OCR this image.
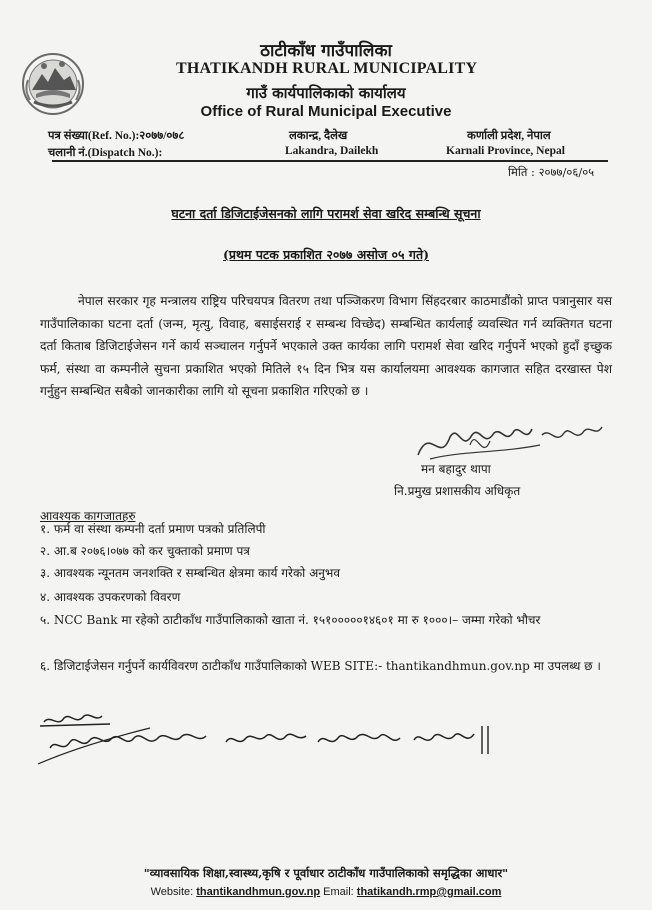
ठाटीकाँध गाउँपालिका
THATIKANDH RURAL MUNICIPALITY
गाउँ कार्यपालिकाको कार्यालय
Office of Rural Municipal Executive
पत्र संख्या(Ref. No.):२०७७/०७८
चलानी नं.(Dispatch No.):
लकान्द्र, दैलेख
Lakandra, Dailekh
कर्णाली प्रदेश, नेपाल
Karnali Province, Nepal
मिति : २०७७/०६/०५
घटना दर्ता डिजिटाईजेसनको लागि परामर्श सेवा खरिद सम्बन्धि सूचना
(प्रथम पटक प्रकाशित २०७७ असोज ०५ गते)
नेपाल सरकार गृह मन्त्रालय राष्ट्रिय परिचयपत्र वितरण तथा पञ्जिकरण विभाग सिंहदरबार काठमाडौंको प्राप्त पत्रानुसार यस गाउँपालिकाका घटना दर्ता (जन्म, मृत्यु, विवाह, बसाईसराई र सम्बन्ध विच्छेद) सम्बन्धित कार्यलाई व्यवस्थित गर्न व्यक्तिगत घटना दर्ता किताब डिजिटाईजेसन गर्ने कार्य सञ्चालन गर्नुपर्ने भएकाले उक्त कार्यका लागि परामर्श सेवा खरिद गर्नुपर्ने भएको हुदाँ इच्छुक फर्म, संस्था वा कम्पनीले सुचना प्रकाशित भएको मितिले १५ दिन भित्र यस कार्यालयमा आवश्यक कागजात सहित दरखास्त पेश गर्नुहुन सम्बन्धित सबैको जानकारीका लागि यो सूचना प्रकाशित गरिएको छ ।
मन बहादुर थापा
नि.प्रमुख प्रशासकीय अधिकृत
आवश्यक कागजातहरु
१. फर्म वा संस्था कम्पनी दर्ता प्रमाण पत्रको प्रतिलिपी
२. आ.ब २०७६।०७७ को कर चुक्ताको प्रमाण पत्र
३. आवश्यक न्यूनतम जनशक्ति र सम्बन्धित क्षेत्रमा कार्य गरेको अनुभव
४. आवश्यक उपकरणको विवरण
५. NCC Bank मा रहेको ठाटीकाँध गाउँपालिकाको खाता नं. १५१०००००१४६०१ मा रु १०००।– जम्मा गरेको भौचर
६. डिजिटाईजेसन गर्नुपर्ने कार्यविवरण ठाटीकाँध गाउँपालिकाको WEB SITE:- thantikandhmun.gov.np मा उपलब्ध छ ।
"व्यावसायिक शिक्षा,स्वास्थ्य,कृषि र पूर्वाधार ठाटीकाँध गाउँपालिकाको समृद्धिका आधार"
Website: thantikandhmun.gov.np Email: thatikandh.rmp@gmail.com
